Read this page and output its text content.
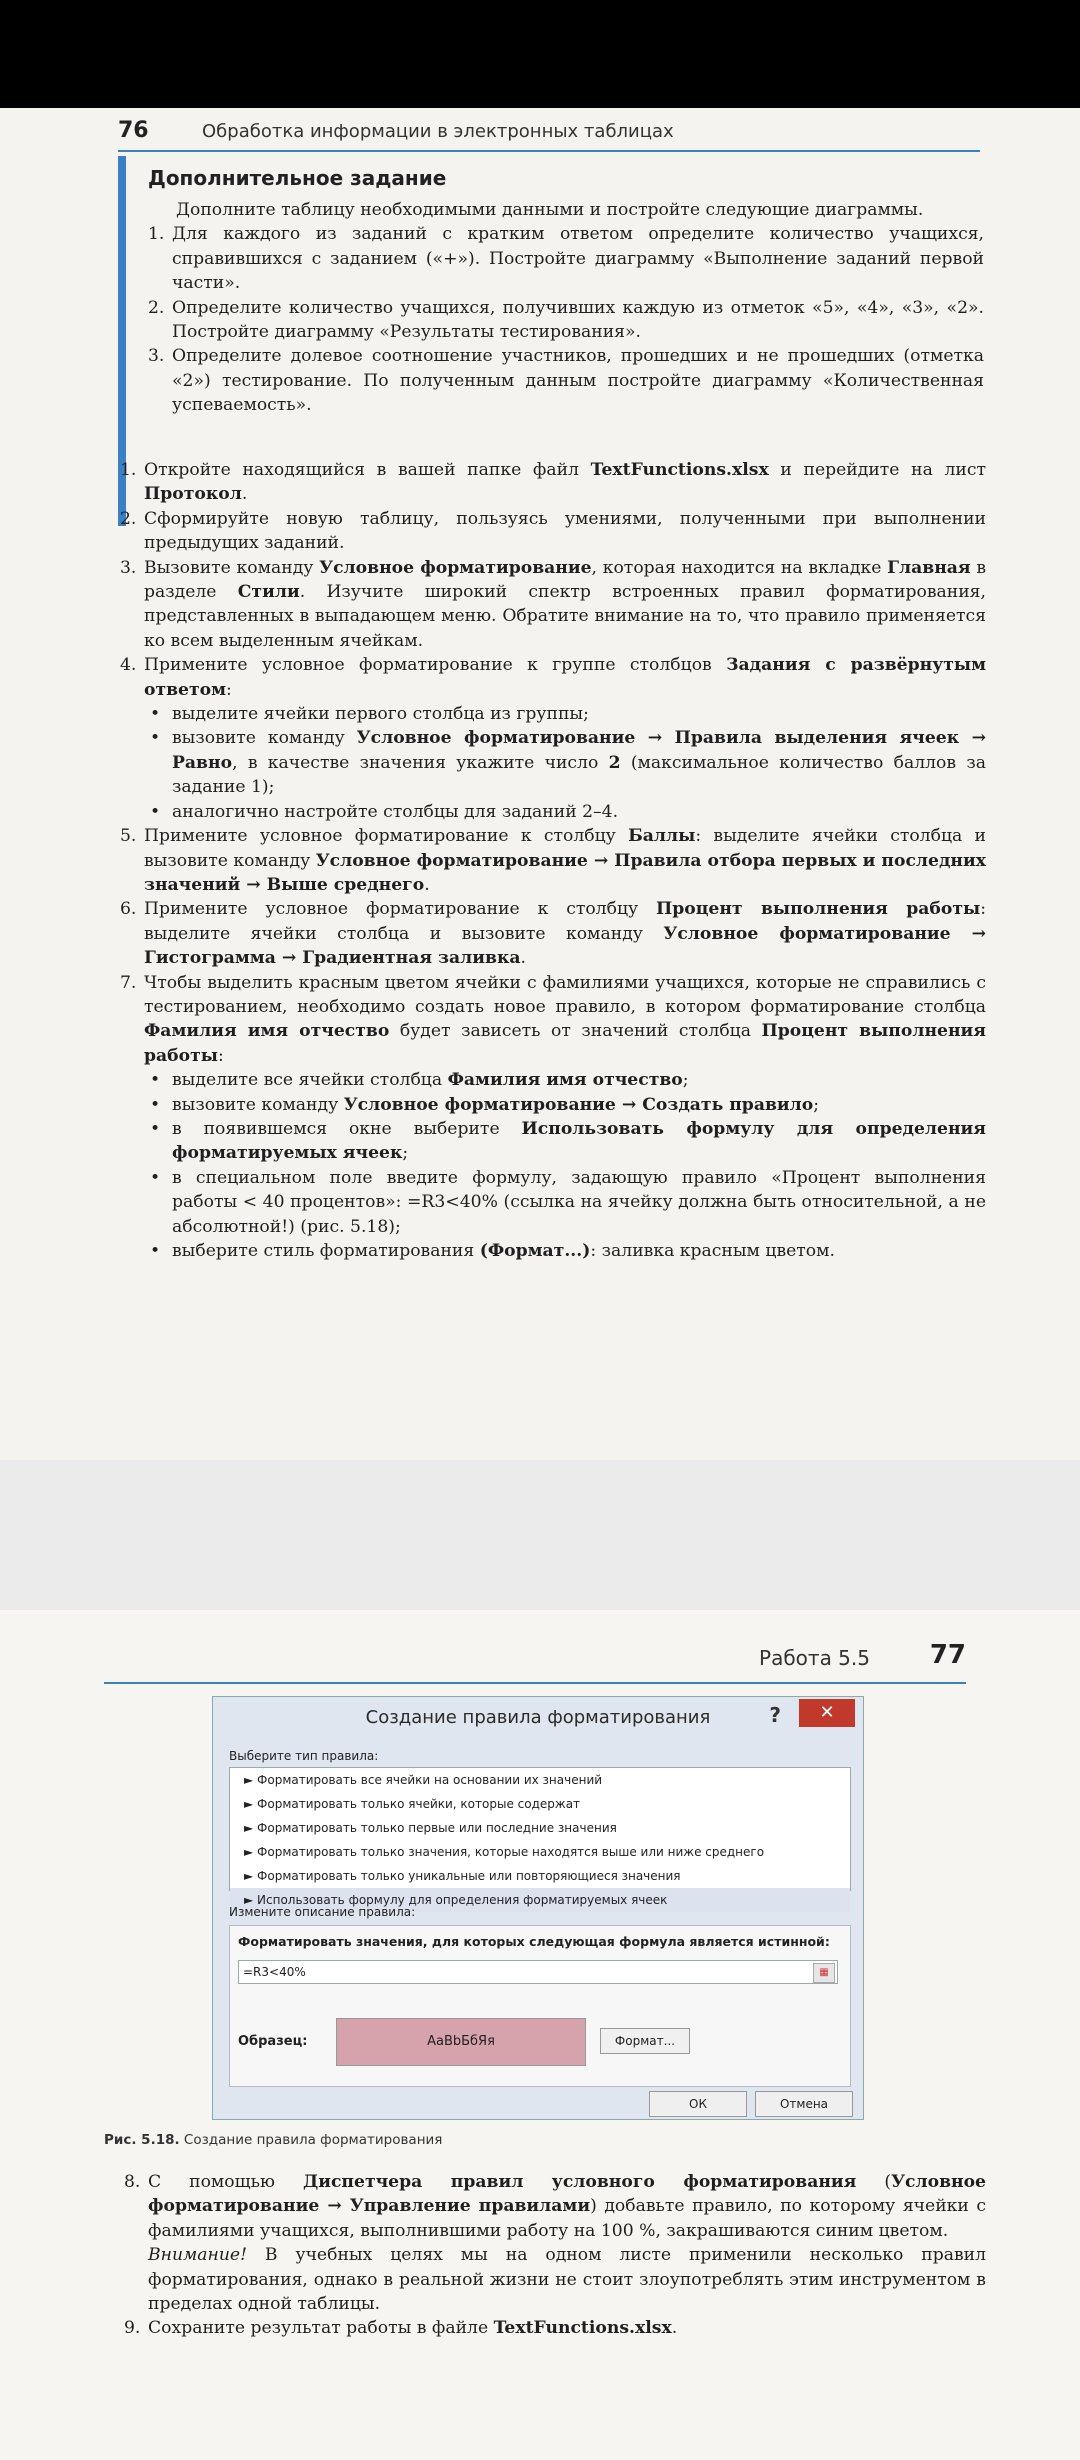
76	Обработка информации в электронных таблицах
Дополнительное задание

Дополните таблицу необходимыми данными и постройте следующие диаграммы.

1. Для каждого из заданий с кратким ответом определите количество учащихся, справившихся с заданием («+»). Постройте диаграмму «Выполнение заданий первой части».
2. Определите количество учащихся, получивших каждую из отметок «5», «4», «3», «2». Постройте диаграмму «Результаты тестирования».
3. Определите долевое соотношение участников, прошедших и не прошедших (отметка «2») тестирование. По полученным данным постройте диаграмму «Количественная успеваемость».
1. Откройте находящийся в вашей папке файл TextFunctions.xlsx и перейдите на лист Протокол.
2. Сформируйте новую таблицу, пользуясь умениями, полученными при выполнении предыдущих заданий.
3. Вызовите команду Условное форматирование, которая находится на вкладке Главная в разделе Стили. Изучите широкий спектр встроенных правил форматирования, представленных в выпадающем меню. Обратите внимание на то, что правило применяется ко всем выделенным ячейкам.
4. Примените условное форматирование к группе столбцов Задания с развёрнутым ответом:
• выделите ячейки первого столбца из группы;
• вызовите команду Условное форматирование → Правила выделения ячеек → Равно, в качестве значения укажите число 2 (максимальное количество баллов за задание 1);
• аналогично настройте столбцы для заданий 2–4.
5. Примените условное форматирование к столбцу Баллы: выделите ячейки столбца и вызовите команду Условное форматирование → Правила отбора первых и последних значений → Выше среднего.
6. Примените условное форматирование к столбцу Процент выполнения работы: выделите ячейки столбца и вызовите команду Условное форматирование → Гистограмма → Градиентная заливка.
7. Чтобы выделить красным цветом ячейки с фамилиями учащихся, которые не справились с тестированием, необходимо создать новое правило, в котором форматирование столбца Фамилия имя отчество будет зависеть от значений столбца Процент выполнения работы:
• выделите все ячейки столбца Фамилия имя отчество;
• вызовите команду Условное форматирование → Создать правило;
• в появившемся окне выберите Использовать формулу для определения форматируемых ячеек;
• в специальном поле введите формулу, задающую правило «Процент выполнения работы < 40 процентов»: =R3<40% (ссылка на ячейку должна быть относительной, а не абсолютной!) (рис. 5.18);
• выберите стиль форматирования (Формат...): заливка красным цветом.
Работа 5.5 77
Создание правила форматирования	?	✕
Выберите тип правила:
► Форматировать все ячейки на основании их значений
► Форматировать только ячейки, которые содержат
► Форматировать только первые или последние значения
► Форматировать только значения, которые находятся выше или ниже среднего
► Форматировать только уникальные или повторяющиеся значения
► Использовать формулу для определения форматируемых ячеек
Измените описание правила:
Форматировать значения, для которых следующая формула является истинной:
=R3<40%	▦
Образец:	АаВbБбЯя	Формат...
ОК	Отмена
Рис. 5.18. Создание правила форматирования
8. С помощью Диспетчера правил условного форматирования (Условное форматирование → Управление правилами) добавьте правило, по которому ячейки с фамилиями учащихся, выполнившими работу на 100 %, закрашиваются синим цветом.

Внимание! В учебных целях мы на одном листе применили несколько правил форматирования, однако в реальной жизни не стоит злоупотреблять этим инструментом в пределах одной таблицы.

9. Сохраните результат работы в файле TextFunctions.xlsx.
